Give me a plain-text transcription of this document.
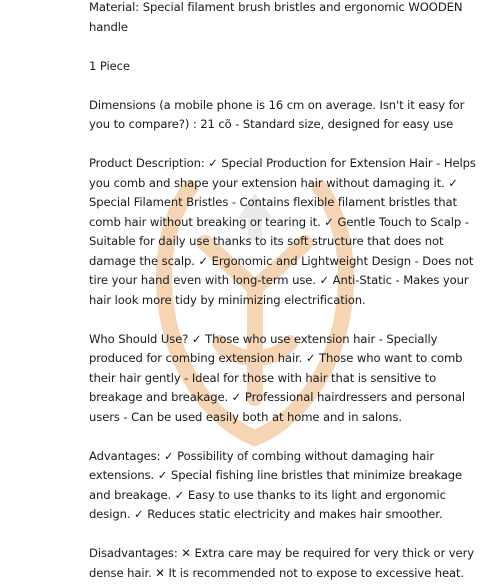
Material: Special filament brush bristles and ergonomic WOODEN handle

1 Piece

Dimensions (a mobile phone is 16 cm on average. Isn't it easy for you to compare?) : 21 cõ - Standard size, designed for easy use

Product Description: ✓ Special Production for Extension Hair - Helps you comb and shape your extension hair without damaging it. ✓ Special Filament Bristles - Contains flexible filament bristles that comb hair without breaking or tearing it. ✓ Gentle Touch to Scalp - Suitable for daily use thanks to its soft structure that does not damage the scalp. ✓ Ergonomic and Lightweight Design - Does not tire your hand even with long-term use. ✓ Anti-Static - Makes your hair look more tidy by minimizing electrification.

Who Should Use? ✓ Those who use extension hair - Specially produced for combing extension hair. ✓ Those who want to comb their hair gently - Ideal for those with hair that is sensitive to breakage and breakage. ✓ Professional hairdressers and personal users - Can be used easily both at home and in salons.

Advantages: ✓ Possibility of combing without damaging hair extensions. ✓ Special fishing line bristles that minimize breakage and breakage. ✓ Easy to use thanks to its light and ergonomic design. ✓ Reduces static electricity and makes hair smoother.

Disadvantages: ✕ Extra care may be required for very thick or very dense hair. ✕ It is recommended not to expose to excessive heat.
